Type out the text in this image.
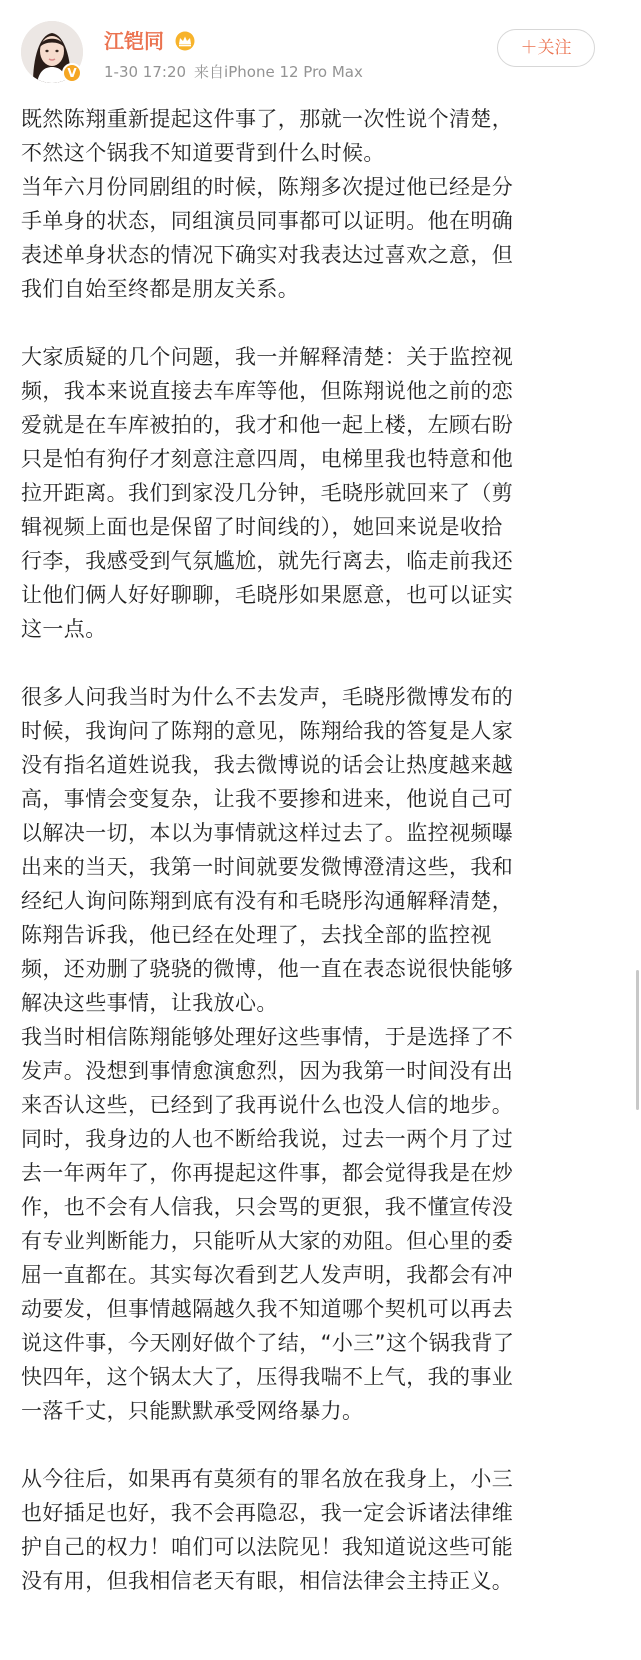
V
江铠同
1-30 17:20 来自iPhone 12 Pro Max
＋关注

既然陈翔重新提起这件事了，那就一次性说个清楚，

不然这个锅我不知道要背到什么时候。

当年六月份同剧组的时候，陈翔多次提过他已经是分

手单身的状态，同组演员同事都可以证明。他在明确

表述单身状态的情况下确实对我表达过喜欢之意，但

我们自始至终都是朋友关系。

大家质疑的几个问题，我一并解释清楚：关于监控视

频，我本来说直接去车库等他，但陈翔说他之前的恋

爱就是在车库被拍的，我才和他一起上楼，左顾右盼

只是怕有狗仔才刻意注意四周，电梯里我也特意和他

拉开距离。我们到家没几分钟，毛晓彤就回来了（剪

辑视频上面也是保留了时间线的），她回来说是收拾

行李，我感受到气氛尴尬，就先行离去，临走前我还

让他们俩人好好聊聊，毛晓彤如果愿意，也可以证实

这一点。

很多人问我当时为什么不去发声，毛晓彤微博发布的

时候，我询问了陈翔的意见，陈翔给我的答复是人家

没有指名道姓说我，我去微博说的话会让热度越来越

高，事情会变复杂，让我不要掺和进来，他说自己可

以解决一切，本以为事情就这样过去了。监控视频曝

出来的当天，我第一时间就要发微博澄清这些，我和

经纪人询问陈翔到底有没有和毛晓彤沟通解释清楚，

陈翔告诉我，他已经在处理了，去找全部的监控视

频，还劝删了骁骁的微博，他一直在表态说很快能够

解决这些事情，让我放心。

我当时相信陈翔能够处理好这些事情，于是选择了不

发声。没想到事情愈演愈烈，因为我第一时间没有出

来否认这些，已经到了我再说什么也没人信的地步。

同时，我身边的人也不断给我说，过去一两个月了过

去一年两年了，你再提起这件事，都会觉得我是在炒

作，也不会有人信我，只会骂的更狠，我不懂宣传没

有专业判断能力，只能听从大家的劝阻。但心里的委

屈一直都在。其实每次看到艺人发声明，我都会有冲

动要发，但事情越隔越久我不知道哪个契机可以再去

说这件事，今天刚好做个了结，“小三”这个锅我背了

快四年，这个锅太大了，压得我喘不上气，我的事业

一落千丈，只能默默承受网络暴力。

从今往后，如果再有莫须有的罪名放在我身上，小三

也好插足也好，我不会再隐忍，我一定会诉诸法律维

护自己的权力！咱们可以法院见！我知道说这些可能

没有用，但我相信老天有眼，相信法律会主持正义。
